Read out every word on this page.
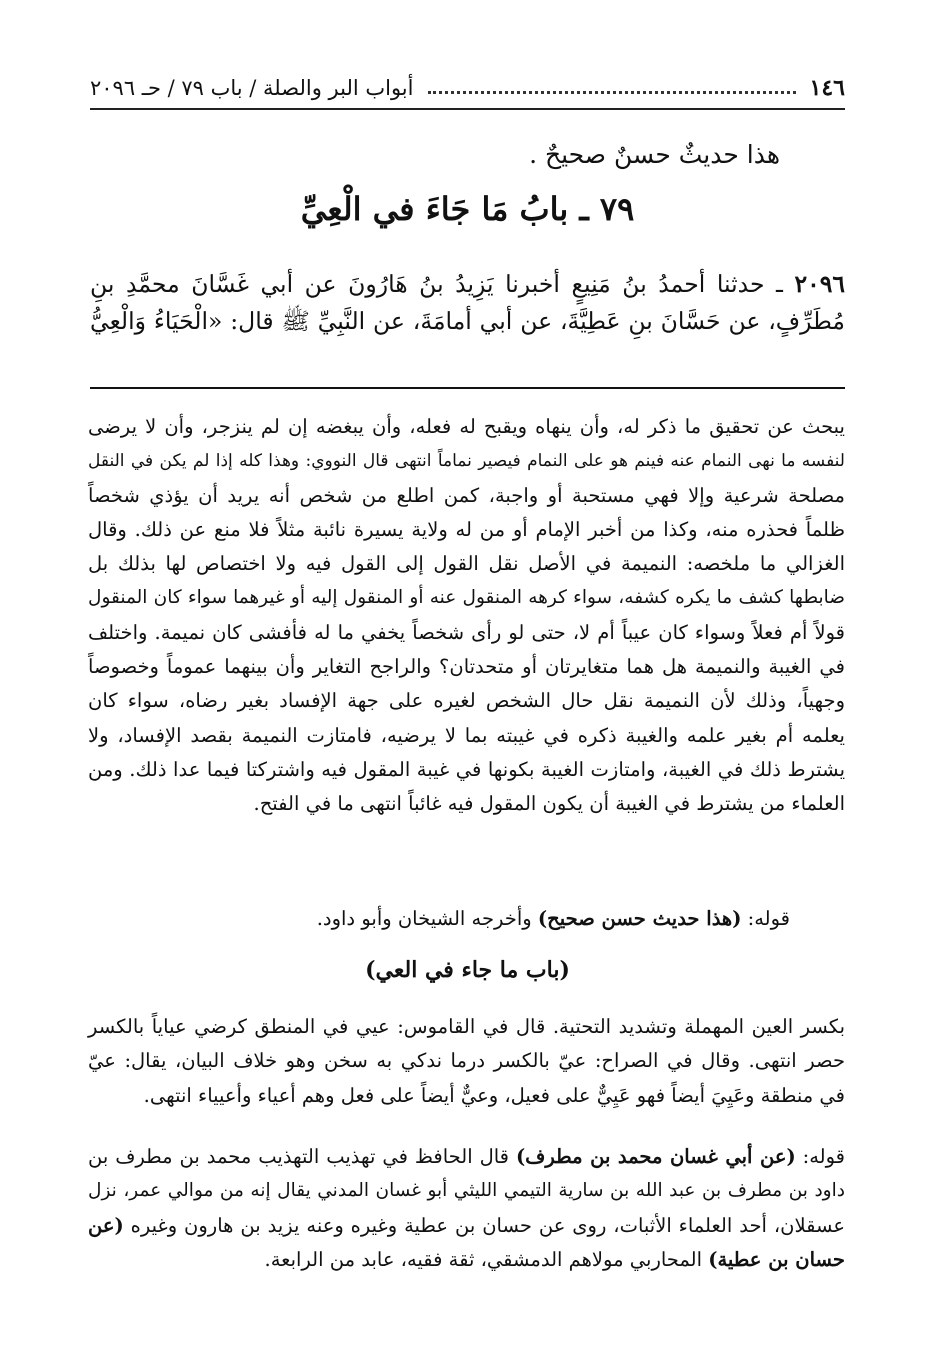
١٤٦
أبواب البر والصلة / باب ٧٩ / حـ ٢٠٩٦
هذا حديثٌ حسنٌ صحيحٌ .
٧٩ ـ بابُ مَا جَاءَ في الْعِيِّ
٢٠٩٦ ـ حدثنا أحمدُ بنُ مَنِيعٍ أخبرنا يَزِيدُ بنُ هَارُونَ عن أبي غَسَّانَ محمَّدِ بنِ
مُطَرِّفٍ، عن حَسَّانَ بنِ عَطِيَّةَ، عن أبي أمامَةَ، عن النَّبِيِّ ﷺ قال: «الْحَيَاءُ وَالْعِيُّ
يبحث عن تحقيق ما ذكر له، وأن ينهاه ويقبح له فعله، وأن يبغضه إن لم ينزجر، وأن لا يرضى
لنفسه ما نهى النمام عنه فينم هو على النمام فيصير نماماً انتهى قال النووي: وهذا كله إذا لم يكن في النقل
مصلحة شرعية وإلا فهي مستحبة أو واجبة، كمن اطلع من شخص أنه يريد أن يؤذي شخصاً
ظلماً فحذره منه، وكذا من أخبر الإمام أو من له ولاية يسيرة نائبة مثلاً فلا منع عن ذلك. وقال
الغزالي ما ملخصه: النميمة في الأصل نقل القول إلى القول فيه ولا اختصاص لها بذلك بل
ضابطها كشف ما يكره كشفه، سواء كرهه المنقول عنه أو المنقول إليه أو غيرهما سواء كان المنقول
قولاً أم فعلاً وسواء كان عيباً أم لا، حتى لو رأى شخصاً يخفي ما له فأفشى كان نميمة. واختلف
في الغيبة والنميمة هل هما متغايرتان أو متحدتان؟ والراجح التغاير وأن بينهما عموماً وخصوصاً
وجهياً، وذلك لأن النميمة نقل حال الشخص لغيره على جهة الإفساد بغير رضاه، سواء كان
يعلمه أم بغير علمه والغيبة ذكره في غيبته بما لا يرضيه، فامتازت النميمة بقصد الإفساد، ولا
يشترط ذلك في الغيبة، وامتازت الغيبة بكونها في غيبة المقول فيه واشتركتا فيما عدا ذلك. ومن
العلماء من يشترط في الغيبة أن يكون المقول فيه غائباً انتهى ما في الفتح.
قوله: (هذا حديث حسن صحيح) وأخرجه الشيخان وأبو داود.
(باب ما جاء في العي)
بكسر العين المهملة وتشديد التحتية. قال في القاموس: عيي في المنطق كرضي عياياً بالكسر
حصر انتهى. وقال في الصراح: عيّ بالكسر درما ندكي به سخن وهو خلاف البيان، يقال: عيّ
في منطقة وعَيِيَ أيضاً فهو عَيِيٌّ على فعيل، وعيٌّ أيضاً على فعل وهم أعياء وأعيياء انتهى.
قوله: (عن أبي غسان محمد بن مطرف) قال الحافظ في تهذيب التهذيب محمد بن مطرف بن
داود بن مطرف بن عبد الله بن سارية التيمي الليثي أبو غسان المدني يقال إنه من موالي عمر، نزل
عسقلان، أحد العلماء الأثبات، روى عن حسان بن عطية وغيره وعنه يزيد بن هارون وغيره (عن
حسان بن عطية) المحاربي مولاهم الدمشقي، ثقة فقيه، عابد من الرابعة.
